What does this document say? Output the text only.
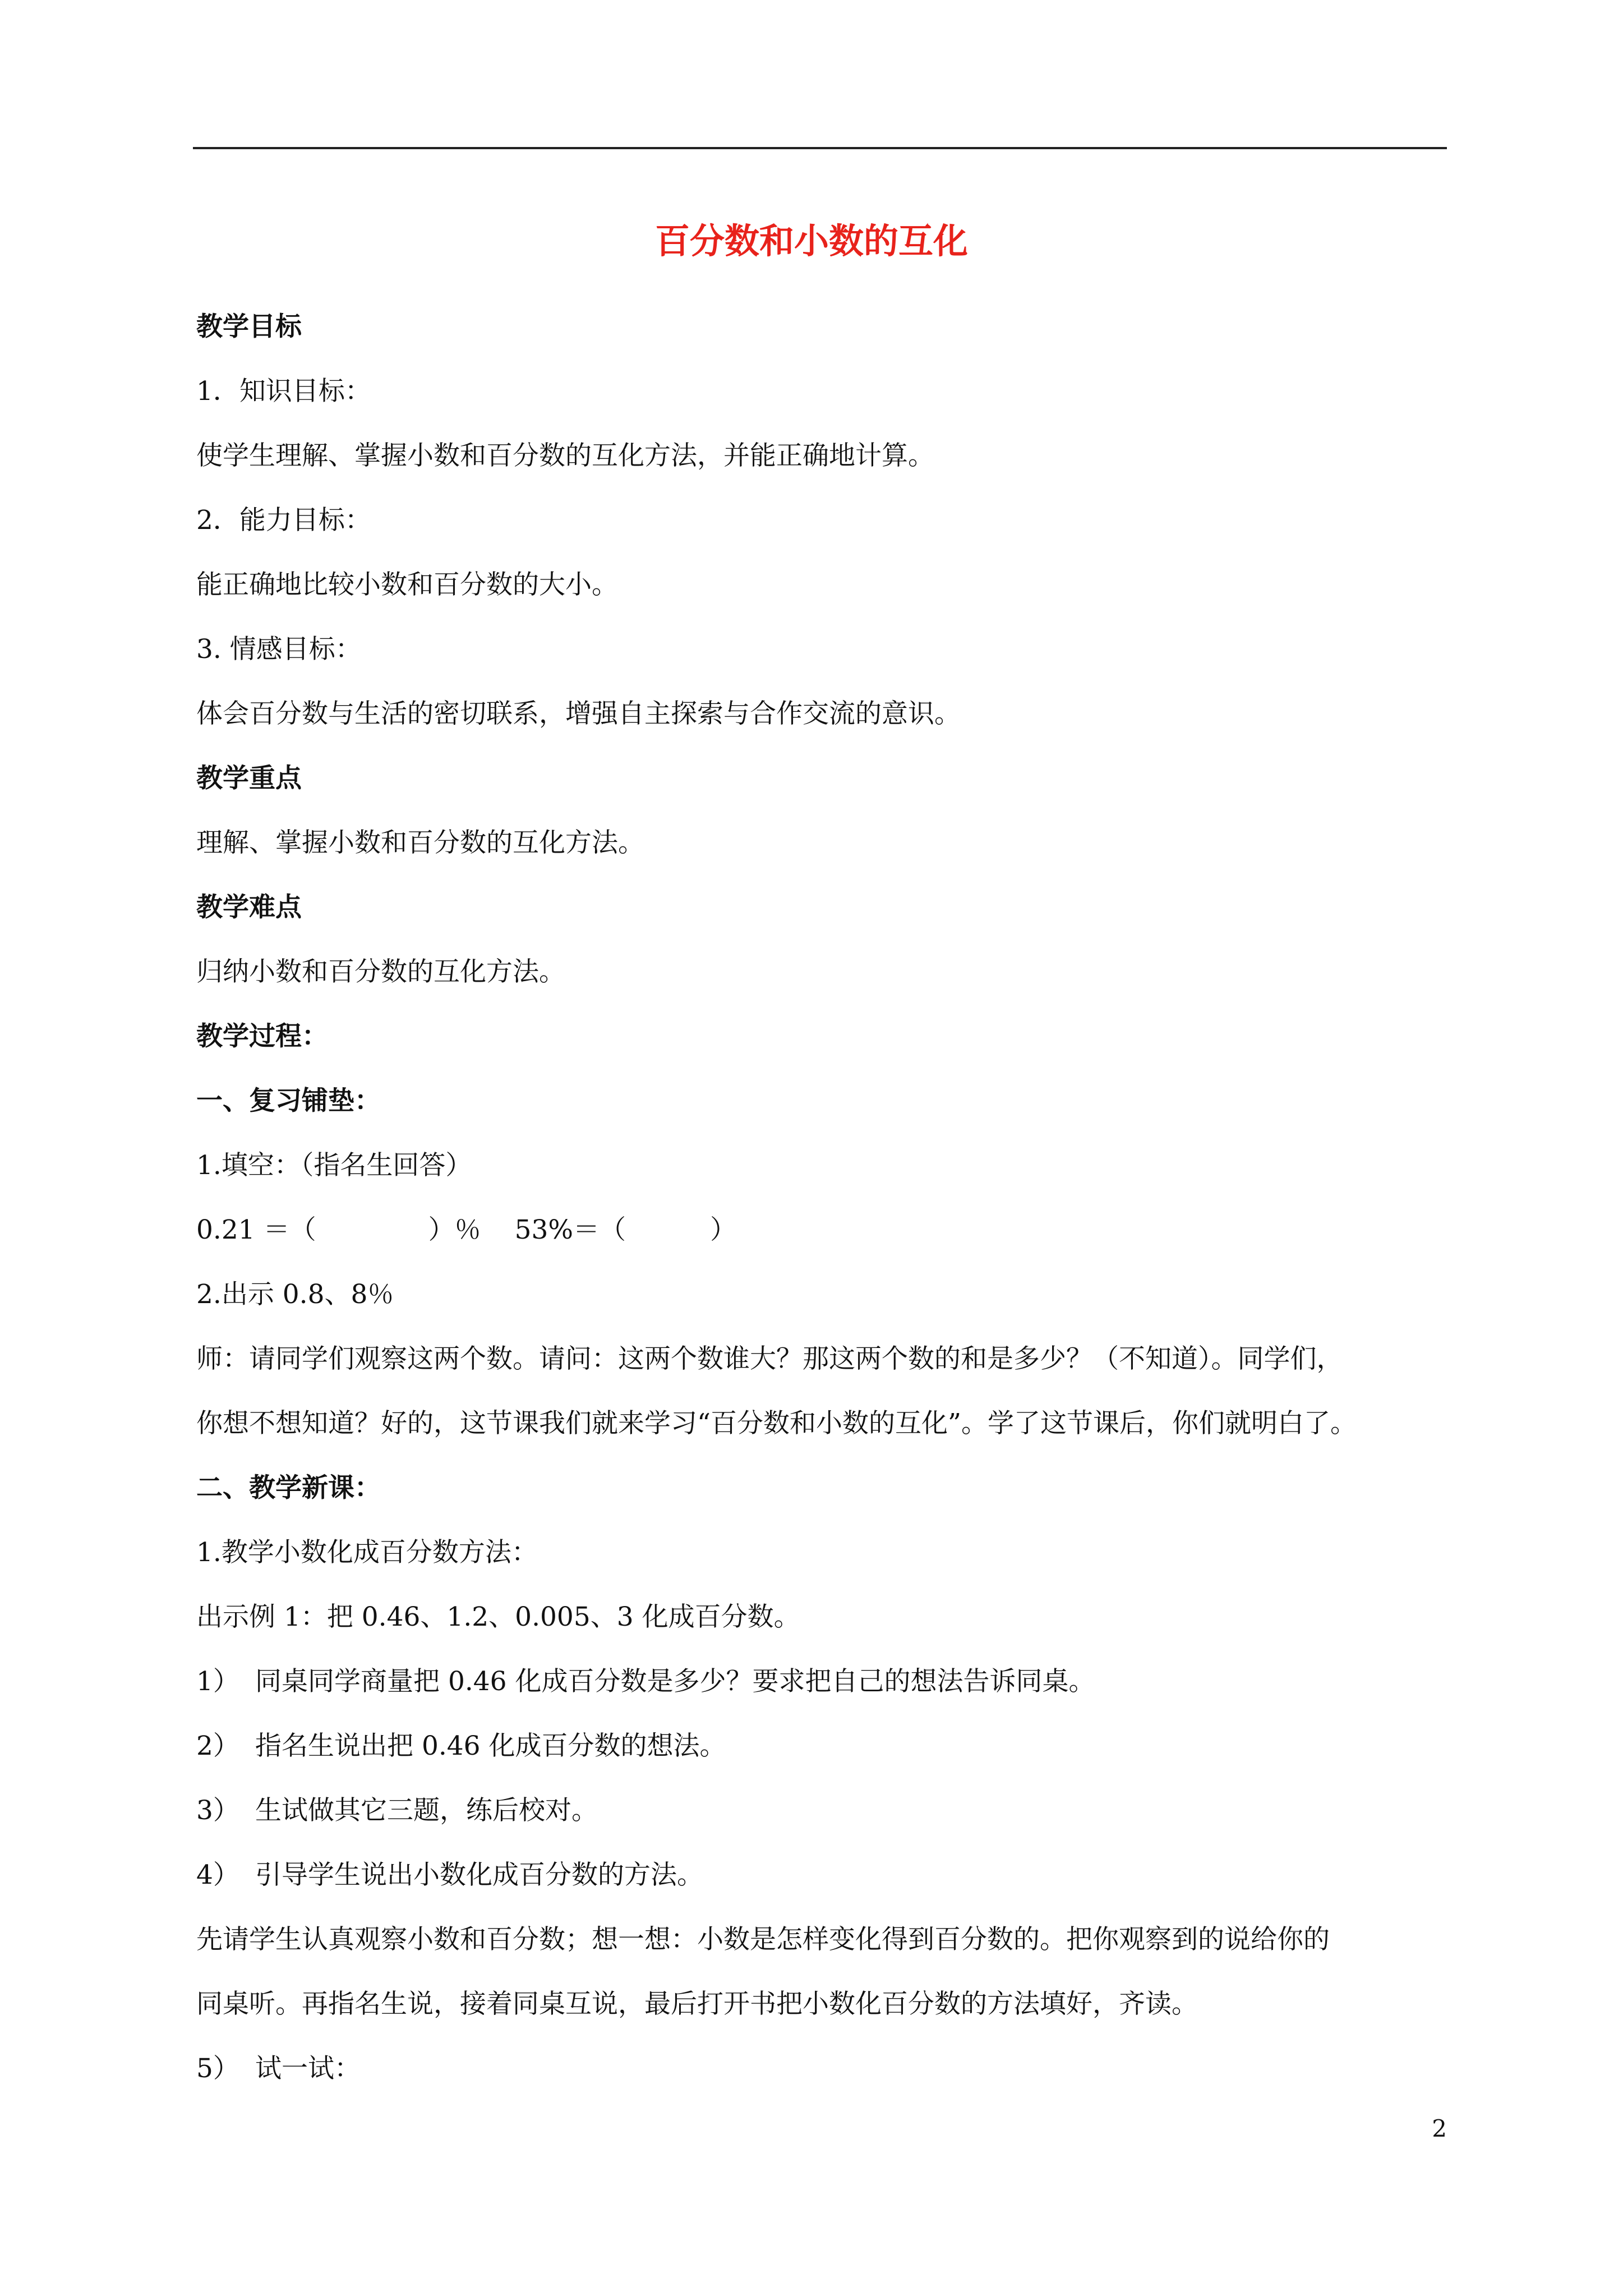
百分数和小数的互化
教学目标
1．知识目标：
使学生理解、掌握小数和百分数的互化方法，并能正确地计算。
2．能力目标：
能正确地比较小数和百分数的大小。
3. 情感目标：
体会百分数与生活的密切联系，增强自主探索与合作交流的意识。
教学重点
理解、掌握小数和百分数的互化方法。
教学难点
归纳小数和百分数的互化方法。
教学过程：
一、复习铺垫：
1.填空：（指名生回答）
0.21 ＝（	）％ 53%＝（	）
2.出示 0.8、8％
师：请同学们观察这两个数。请问：这两个数谁大？那这两个数的和是多少？（不知道）。同学们，
你想不想知道？好的，这节课我们就来学习“百分数和小数的互化”。学了这节课后，你们就明白了。
二、教学新课：
1.教学小数化成百分数方法：
出示例 1：把 0.46、1.2、0.005、3 化成百分数。
1） 同桌同学商量把 0.46 化成百分数是多少？要求把自己的想法告诉同桌。
2） 指名生说出把 0.46 化成百分数的想法。
3） 生试做其它三题，练后校对。
4） 引导学生说出小数化成百分数的方法。
先请学生认真观察小数和百分数；想一想：小数是怎样变化得到百分数的。把你观察到的说给你的
同桌听。再指名生说，接着同桌互说，最后打开书把小数化百分数的方法填好，齐读。
5） 试一试：
2
